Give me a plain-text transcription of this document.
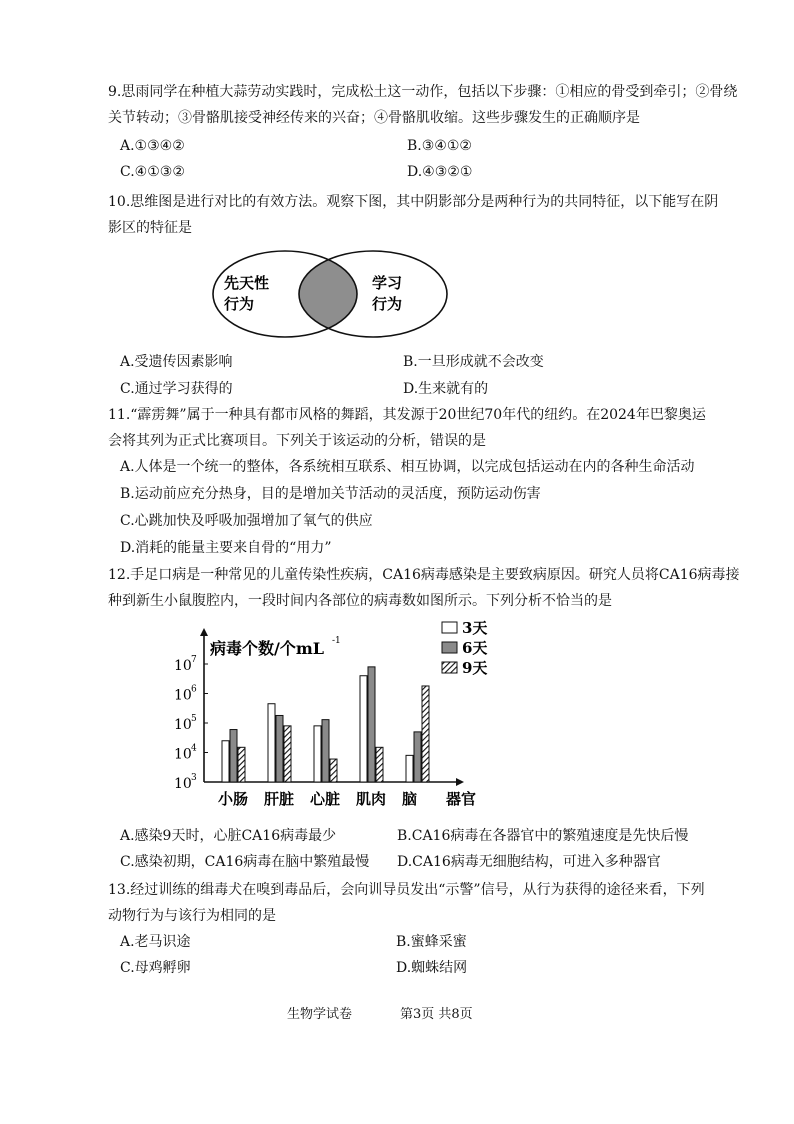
9.思雨同学在种植大蒜劳动实践时，完成松土这一动作，包括以下步骤：①相应的骨受到牵引；②骨绕
关节转动；③骨骼肌接受神经传来的兴奋；④骨骼肌收缩。这些步骤发生的正确顺序是
A.①③④②	B.③④①②
C.④①③②	D.④③②①
10.思维图是进行对比的有效方法。观察下图，其中阴影部分是两种行为的共同特征，以下能写在阴
影区的特征是
先天性
行为
学习
行为
A.受遗传因素影响	B.一旦形成就不会改变
C.通过学习获得的	D.生来就有的
11.“霹雳舞”属于一种具有都市风格的舞蹈，其发源于20世纪70年代的纽约。在2024年巴黎奥运
会将其列为正式比赛项目。下列关于该运动的分析，错误的是
A.人体是一个统一的整体，各系统相互联系、相互协调，以完成包括运动在内的各种生命活动
B.运动前应充分热身，目的是增加关节活动的灵活度，预防运动伤害
C.心跳加快及呼吸加强增加了氧气的供应
D.消耗的能量主要来自骨的“用力”
12.手足口病是一种常见的儿童传染性疾病，CA16病毒感染是主要致病原因。研究人员将CA16病毒接
种到新生小鼠腹腔内，一段时间内各部位的病毒数如图所示。下列分析不恰当的是
10 3
10 4
10 5
10 6
10 7
病毒个数/个mL -1
小肠 肝脏 心脏 肌肉 脑 器官
3天
6天
9天
A.感染9天时，心脏CA16病毒最少	B.CA16病毒在各器官中的繁殖速度是先快后慢
C.感染初期，CA16病毒在脑中繁殖最慢 D.CA16病毒无细胞结构，可进入多种器官
13.经过训练的缉毒犬在嗅到毒品后，会向训导员发出“示警”信号，从行为获得的途径来看，下列
动物行为与该行为相同的是
A.老马识途	B.蜜蜂采蜜
C.母鸡孵卵	D.蜘蛛结网
生物学试卷	第3页 共8页
